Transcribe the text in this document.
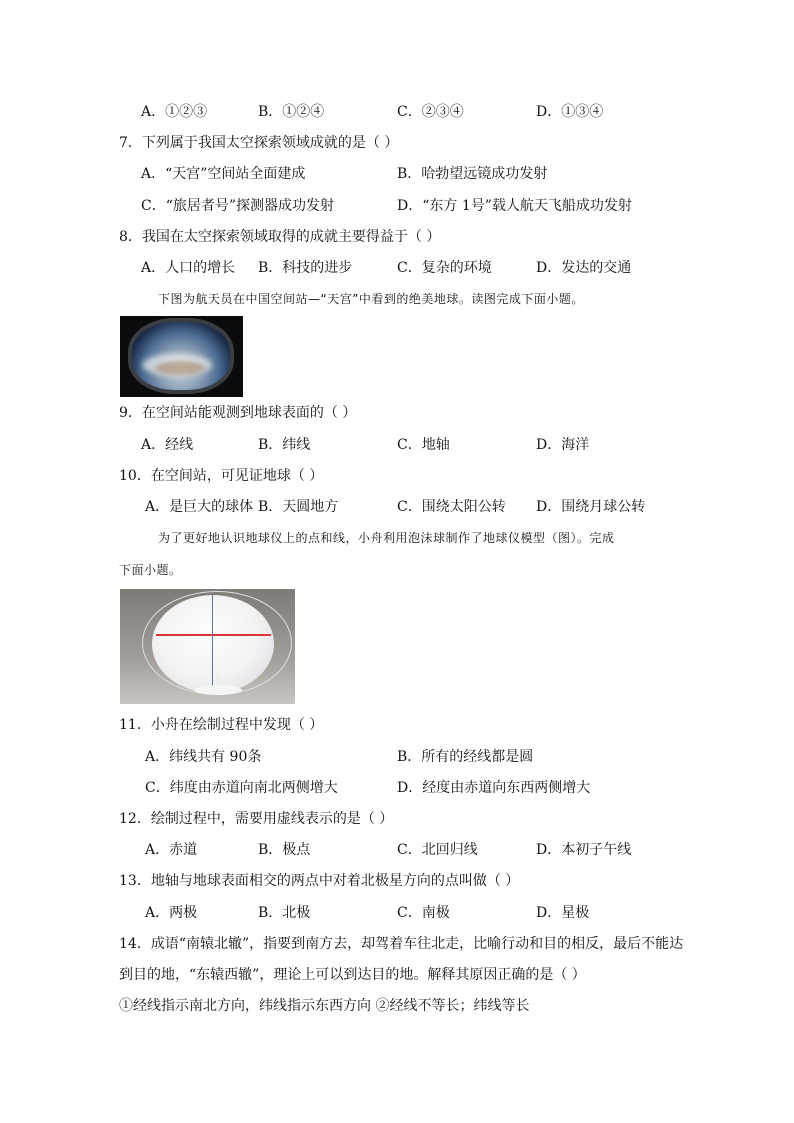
A．①②③	B．①②④	C．②③④	D．①③④
7．下列属于我国太空探索领域成就的是（ ）
A．“天宫”空间站全面建成	B．哈勃望远镜成功发射
C．“旅居者号”探测器成功发射	D．“东方 1号”载人航天飞船成功发射
8．我国在太空探索领域取得的成就主要得益于（ ）
A．人口的增长 B．科技的进步	C．复杂的环境	D．发达的交通
下图为航天员在中国空间站—“天宫”中看到的绝美地球。读图完成下面小题。
9．在空间站能观测到地球表面的（ ）
A．经线	B．纬线	C．地轴	D．海洋
10．在空间站，可见证地球（ ）
A．是巨大的球体 B．天圆地方	C．围绕太阳公转 D．围绕月球公转
为了更好地认识地球仪上的点和线，小舟利用泡沫球制作了地球仪模型（图）。完成
下面小题。
11．小舟在绘制过程中发现（ ）
A．纬线共有 90条	B．所有的经线都是圆
C．纬度由赤道向南北两侧增大	D．经度由赤道向东西两侧增大
12．绘制过程中，需要用虚线表示的是（ ）
A．赤道	B．极点	C．北回归线	D．本初子午线
13．地轴与地球表面相交的两点中对着北极星方向的点叫做（ ）
A．两极	B．北极	C．南极	D．星极
14．成语“南辕北辙”，指要到南方去，却驾着车往北走，比喻行动和目的相反，最后不能达
到目的地，“东辕西辙”，理论上可以到达目的地。解释其原因正确的是（ ）
①经线指示南北方向，纬线指示东西方向 ②经线不等长；纬线等长
